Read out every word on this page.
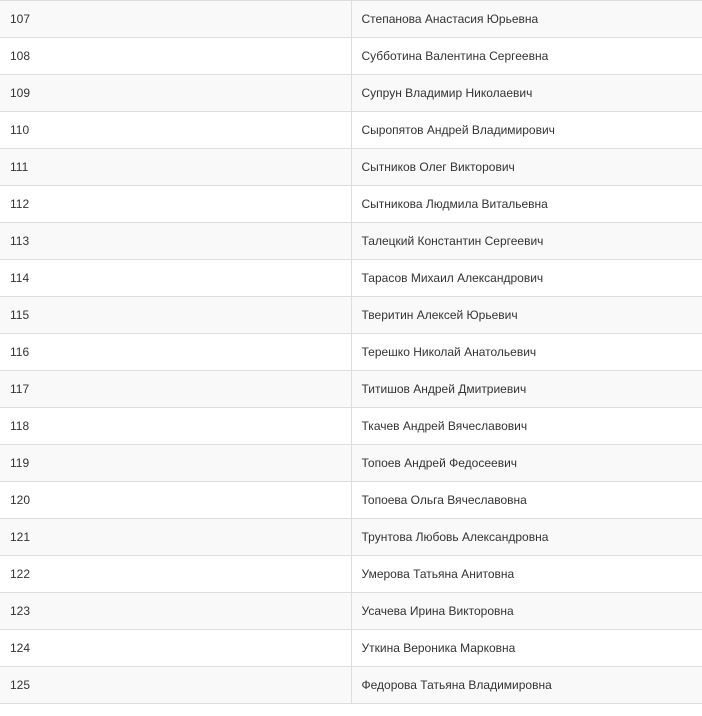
107	Степанова Анастасия Юрьевна
108	Субботина Валентина Сергеевна
109	Супрун Владимир Николаевич
110	Сыропятов Андрей Владимирович
111	Сытников Олег Викторович
112	Сытникова Людмила Витальевна
113	Талецкий Константин Сергеевич
114	Тарасов Михаил Александрович
115	Тверитин Алексей Юрьевич
116	Терешко Николай Анатольевич
117	Титишов Андрей Дмитриевич
118	Ткачев Андрей Вячеславович
119	Топоев Андрей Федосеевич
120	Топоева Ольга Вячеславовна
121	Трунтова Любовь Александровна
122	Умерова Татьяна Анитовна
123	Усачева Ирина Викторовна
124	Уткина Вероника Марковна
125	Федорова Татьяна Владимировна
